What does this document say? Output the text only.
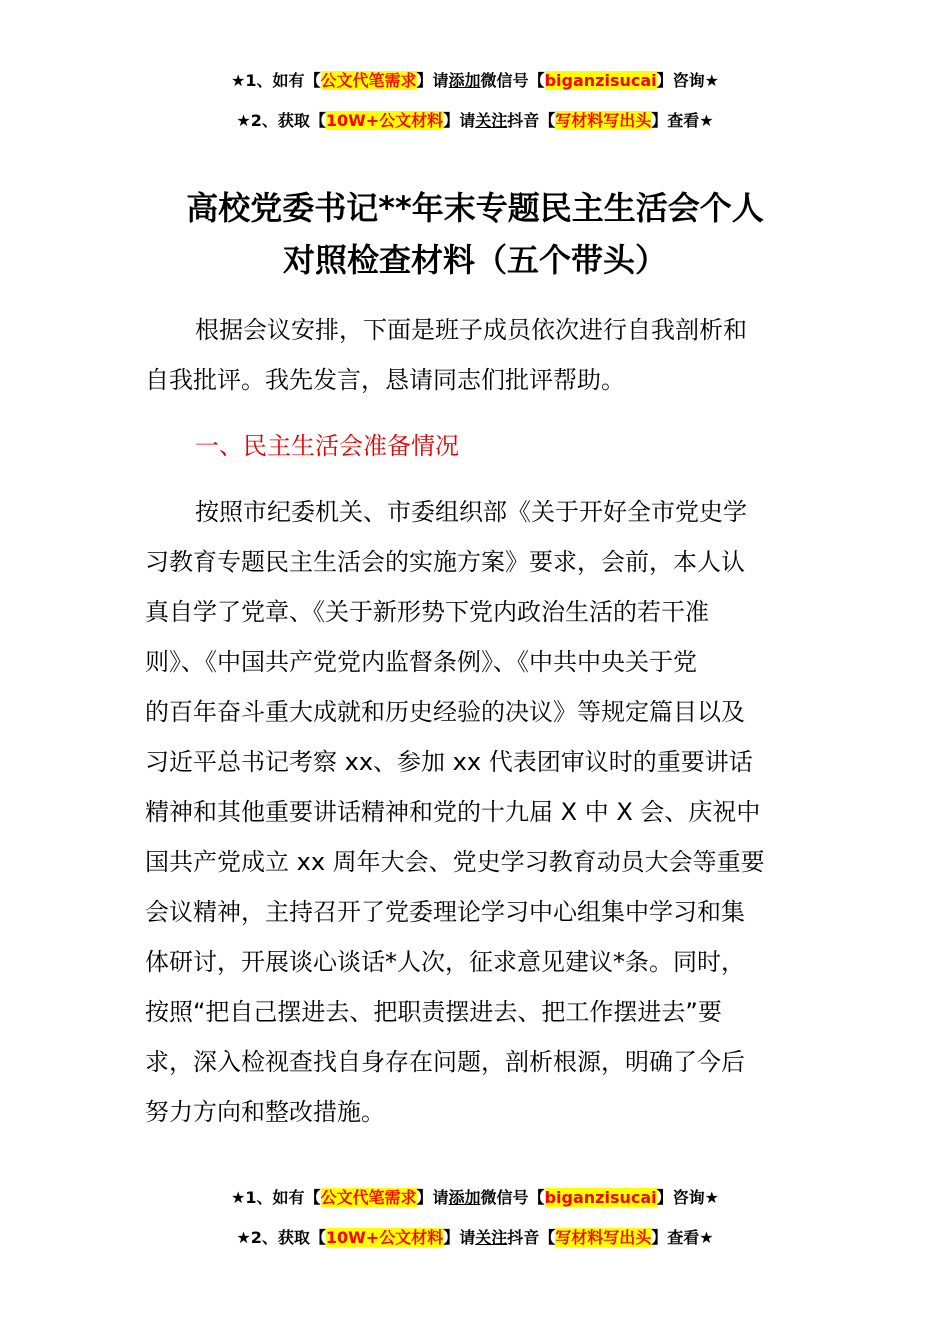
★1、如有【公文代笔需求】请添加微信号【biganzisucai】咨询★
★2、获取【10W+公文材料】请关注抖音【写材料写出头】查看★
高校党委书记**年末专题民主生活会个人
对照检查材料（五个带头）
根据会议安排，下面是班子成员依次进行自我剖析和
自我批评。我先发言，恳请同志们批评帮助。
一、民主生活会准备情况
按照市纪委机关、市委组织部《关于开好全市党史学
习教育专题民主生活会的实施方案》要求，会前，本人认
真自学了党章、《关于新形势下党内政治生活的若干准
则》、《中国共产党党内监督条例》、《中共中央关于党
的百年奋斗重大成就和历史经验的决议》等规定篇目以及
习近平总书记考察 xx、参加 xx 代表团审议时的重要讲话
精神和其他重要讲话精神和党的十九届 X 中 X 会、庆祝中
国共产党成立 xx 周年大会、党史学习教育动员大会等重要
会议精神，主持召开了党委理论学习中心组集中学习和集
体研讨，开展谈心谈话*人次，征求意见建议*条。同时，
按照“把自己摆进去、把职责摆进去、把工作摆进去”要
求，深入检视查找自身存在问题，剖析根源，明确了今后
努力方向和整改措施。
★1、如有【公文代笔需求】请添加微信号【biganzisucai】咨询★
★2、获取【10W+公文材料】请关注抖音【写材料写出头】查看★
